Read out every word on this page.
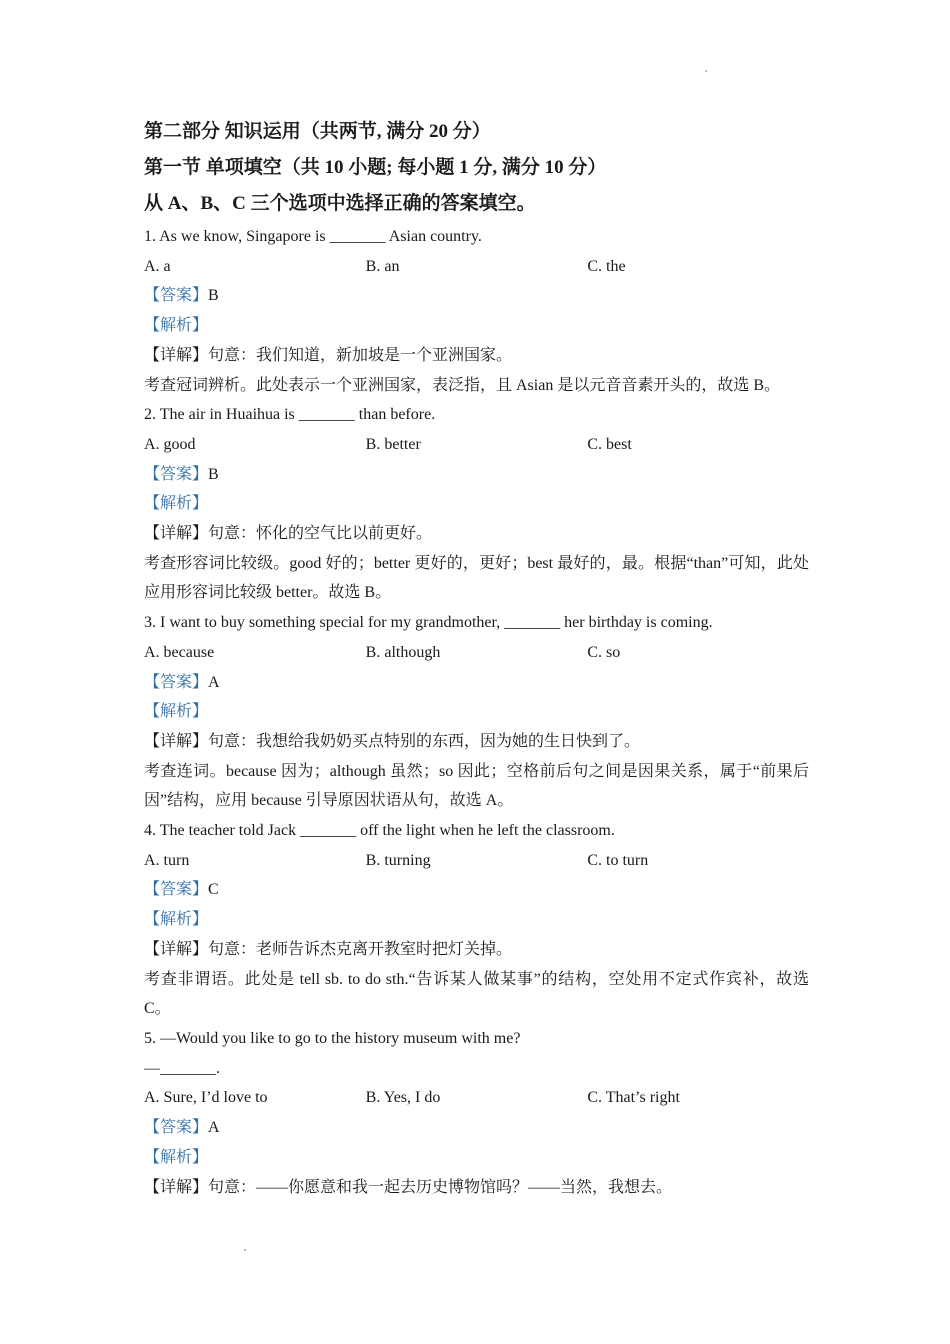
第二部分 知识运用（共两节, 满分 20 分）
第一节 单项填空（共 10 小题; 每小题 1 分, 满分 10 分）
从 A、B、C 三个选项中选择正确的答案填空。
1. As we know, Singapore is _______ Asian country.
A. a	B. an	C. the
【答案】B
【解析】
【详解】句意：我们知道，新加坡是一个亚洲国家。
考查冠词辨析。此处表示一个亚洲国家，表泛指，且 Asian 是以元音音素开头的，故选 B。
2. The air in Huaihua is _______ than before.
A. good	B. better	C. best
【答案】B
【解析】
【详解】句意：怀化的空气比以前更好。
考查形容词比较级。good 好的；better 更好的，更好；best 最好的，最。根据“than”可知，此处应用形容词比较级 better。故选 B。
3. I want to buy something special for my grandmother, _______ her birthday is coming.
A. because	B. although	C. so
【答案】A
【解析】
【详解】句意：我想给我奶奶买点特别的东西，因为她的生日快到了。
考查连词。because 因为；although 虽然；so 因此；空格前后句之间是因果关系，属于“前果后因”结构，应用 because 引导原因状语从句，故选 A。
4. The teacher told Jack _______ off the light when he left the classroom.
A. turn	B. turning	C. to turn
【答案】C
【解析】
【详解】句意：老师告诉杰克离开教室时把灯关掉。
考查非谓语。此处是 tell sb. to do sth.“告诉某人做某事”的结构，空处用不定式作宾补，故选 C。
5. —Would you like to go to the history museum with me?
—_______.
A. Sure, I’d love to	B. Yes, I do	C. That’s right
【答案】A
【解析】
【详解】句意：——你愿意和我一起去历史博物馆吗？——当然，我想去。
